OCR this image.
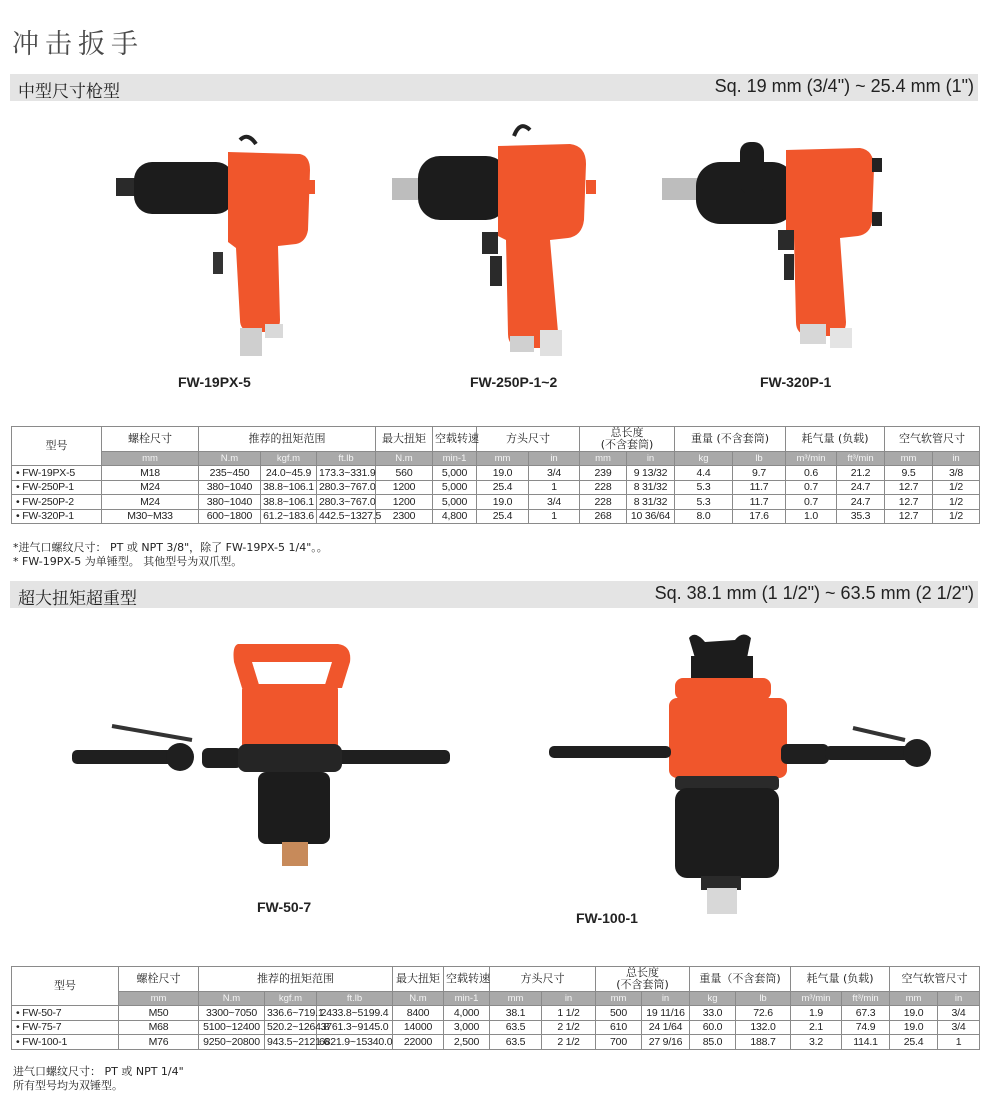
冲击扳手
中型尺寸枪型	Sq. 19 mm (3/4") ~ 25.4 mm (1")
FW-19PX-5	FW-250P-1~2	FW-320P-1
型号	螺栓尺寸	推荐的扭矩范围			最大扭矩	空载转速	方头尺寸		总长度
(不含套筒)		重量 (不含套筒)		耗气量 (负载)		空气软管尺寸	
	mm	N.m	kgf.m	ft.lb	N.m	min-1	mm	in	mm	in	kg	lb	m³/min	ft³/min	mm	in
• FW-19PX-5	M18	235~450	24.0~45.9	173.3~331.9	560	5,000	19.0	3/4	239	9 13/32	4.4	9.7	0.6	21.2	9.5	3/8
• FW-250P-1	M24	380~1040	38.8~106.1	280.3~767.0	1200	5,000	25.4	1	228	8 31/32	5.3	11.7	0.7	24.7	12.7	1/2
• FW-250P-2	M24	380~1040	38.8~106.1	280.3~767.0	1200	5,000	19.0	3/4	228	8 31/32	5.3	11.7	0.7	24.7	12.7	1/2
• FW-320P-1	M30~M33	600~1800	61.2~183.6	442.5~1327.5	2300	4,800	25.4	1	268	10 36/64	8.0	17.6	1.0	35.3	12.7	1/2
*进气口螺纹尺寸： PT 或 NPT 3/8"，除了 FW-19PX-5 1/4"。。
* FW-19PX-5 为单锤型。 其他型号为双爪型。
超大扭矩超重型	Sq. 38.1 mm (1 1/2") ~ 63.5 mm (2 1/2")
FW-50-7
FW-100-1
型号	螺栓尺寸	推荐的扭矩范围			最大扭矩	空载转速	方头尺寸		总长度
(不含套筒)		重量（不含套筒)		耗气量 (负载)		空气软管尺寸	
	mm	N.m	kgf.m	ft.lb	N.m	min-1	mm	in	mm	in	kg	lb	m³/min	ft³/min	mm	in
• FW-50-7	M50	3300~7050	336.6~719.1	2433.8~5199.4	8400	4,000	38.1	1 1/2	500	19 11/16	33.0	72.6	1.9	67.3	19.0	3/4
• FW-75-7	M68	5100~12400	520.2~1264.8	3761.3~9145.0	14000	3,000	63.5	2 1/2	610	24 1/64	60.0	132.0	2.1	74.9	19.0	3/4
• FW-100-1	M76	9250~20800	943.5~2121.6	6821.9~15340.0	22000	2,500	63.5	2 1/2	700	27 9/16	85.0	188.7	3.2	114.1	25.4	1
进气口螺纹尺寸： PT 或 NPT 1/4"
所有型号均为双锤型。
